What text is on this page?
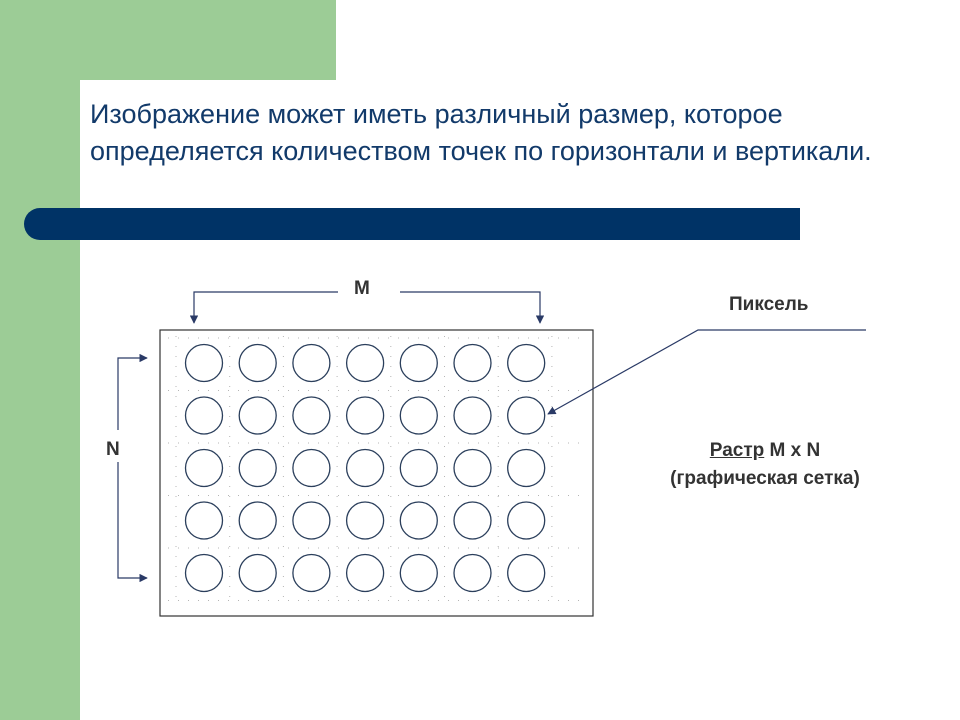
Изображение может иметь различный размер, которое определяется количеством точек по горизонтали и вертикали.
M
N
Пиксель
Растр M x N
(графическая сетка)
